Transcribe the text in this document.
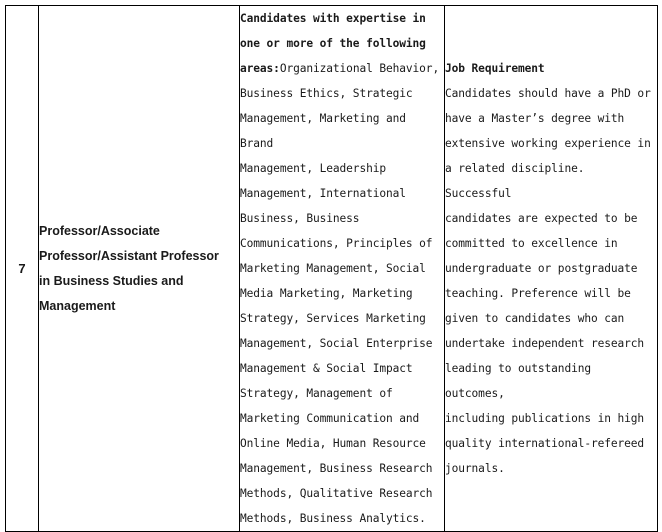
7	
Professor/Associate
Professor/Assistant Professor
in Business Studies and
Management

Candidates with expertise in
one or more of the following
areas:Organizational Behavior,
Business Ethics, Strategic
Management, Marketing and Brand
Management, Leadership
Management, International
Business, Business
Communications, Principles of
Marketing Management, Social
Media Marketing, Marketing
Strategy, Services Marketing
Management, Social Enterprise
Management & Social Impact
Strategy, Management of
Marketing Communication and
Online Media, Human Resource
Management, Business Research
Methods, Qualitative Research
Methods, Business Analytics.

Job Requirement
Candidates should have a PhD or
have a Master’s degree with
extensive working experience in
a related discipline. Successful
candidates are expected to be
committed to excellence in
undergraduate or postgraduate
teaching. Preference will be
given to candidates who can
undertake independent research
leading to outstanding outcomes,
including publications in high
quality international-refereed
journals.
